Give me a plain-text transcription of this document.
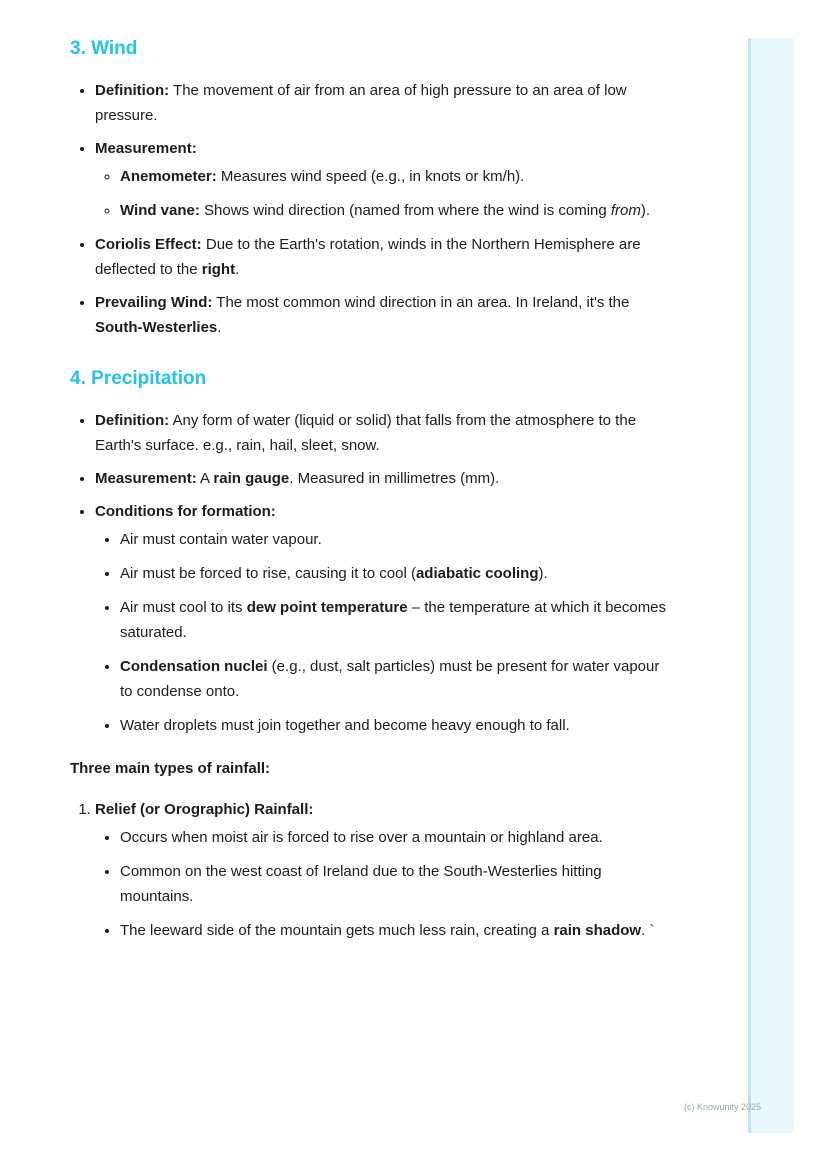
3. Wind
• Definition: The movement of air from an area of high pressure to an area of low pressure.
• Measurement:
◦ Anemometer: Measures wind speed (e.g., in knots or km/h).
◦ Wind vane: Shows wind direction (named from where the wind is coming from).
• Coriolis Effect: Due to the Earth's rotation, winds in the Northern Hemisphere are deflected to the right.
• Prevailing Wind: The most common wind direction in an area. In Ireland, it's the South-Westerlies.
4. Precipitation
• Definition: Any form of water (liquid or solid) that falls from the atmosphere to the Earth's surface. e.g., rain, hail, sleet, snow.
• Measurement: A rain gauge. Measured in millimetres (mm).
• Conditions for formation:
• Air must contain water vapour.
• Air must be forced to rise, causing it to cool (adiabatic cooling).
• Air must cool to its dew point temperature – the temperature at which it becomes saturated.
• Condensation nuclei (e.g., dust, salt particles) must be present for water vapour to condense onto.
• Water droplets must join together and become heavy enough to fall.
Three main types of rainfall:
1. Relief (or Orographic) Rainfall:
• Occurs when moist air is forced to rise over a mountain or highland area.
• Common on the west coast of Ireland due to the South-Westerlies hitting mountains.
• The leeward side of the mountain gets much less rain, creating a rain shadow. `
(c) Knowunity 2025
